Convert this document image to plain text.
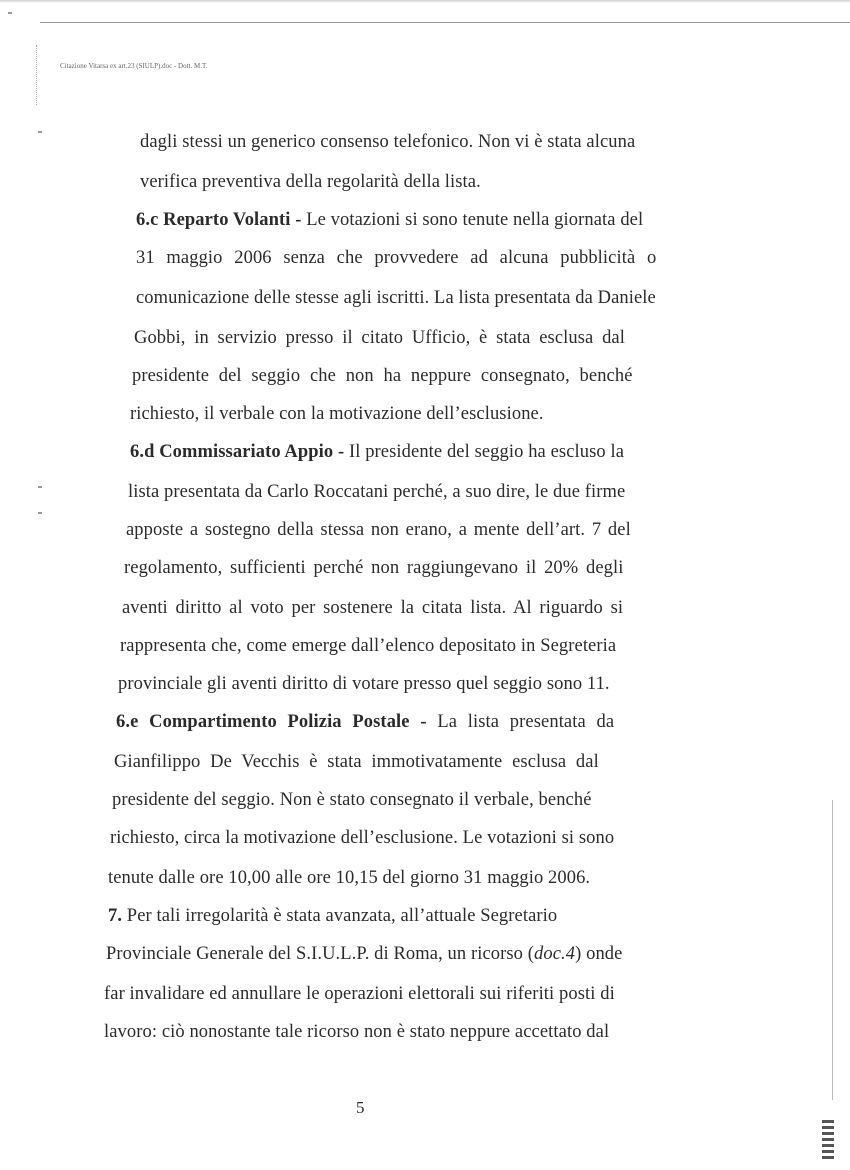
Citazione Vitarsa ex art.23 (SIULP).doc - Dott. M.T.
dagli stessi un generico consenso telefonico. Non vi è stata alcuna
verifica preventiva della regolarità della lista.
6.c Reparto Volanti - Le votazioni si sono tenute nella giornata del
31 maggio 2006 senza che provvedere ad alcuna pubblicità o
comunicazione delle stesse agli iscritti. La lista presentata da Daniele
Gobbi, in servizio presso il citato Ufficio, è stata esclusa dal
presidente del seggio che non ha neppure consegnato, benché
richiesto, il verbale con la motivazione dell’esclusione.
6.d Commissariato Appio - Il presidente del seggio ha escluso la
lista presentata da Carlo Roccatani perché, a suo dire, le due firme
apposte a sostegno della stessa non erano, a mente dell’art. 7 del
regolamento, sufficienti perché non raggiungevano il 20% degli
aventi diritto al voto per sostenere la citata lista. Al riguardo si
rappresenta che, come emerge dall’elenco depositato in Segreteria
provinciale gli aventi diritto di votare presso quel seggio sono 11.
6.e Compartimento Polizia Postale - La lista presentata da
Gianfilippo De Vecchis è stata immotivatamente esclusa dal
presidente del seggio. Non è stato consegnato il verbale, benché
richiesto, circa la motivazione dell’esclusione. Le votazioni si sono
tenute dalle ore 10,00 alle ore 10,15 del giorno 31 maggio 2006.
7. Per tali irregolarità è stata avanzata, all’attuale Segretario
Provinciale Generale del S.I.U.L.P. di Roma, un ricorso (doc.4) onde
far invalidare ed annullare le operazioni elettorali sui riferiti posti di
lavoro: ciò nonostante tale ricorso non è stato neppure accettato dal
5
